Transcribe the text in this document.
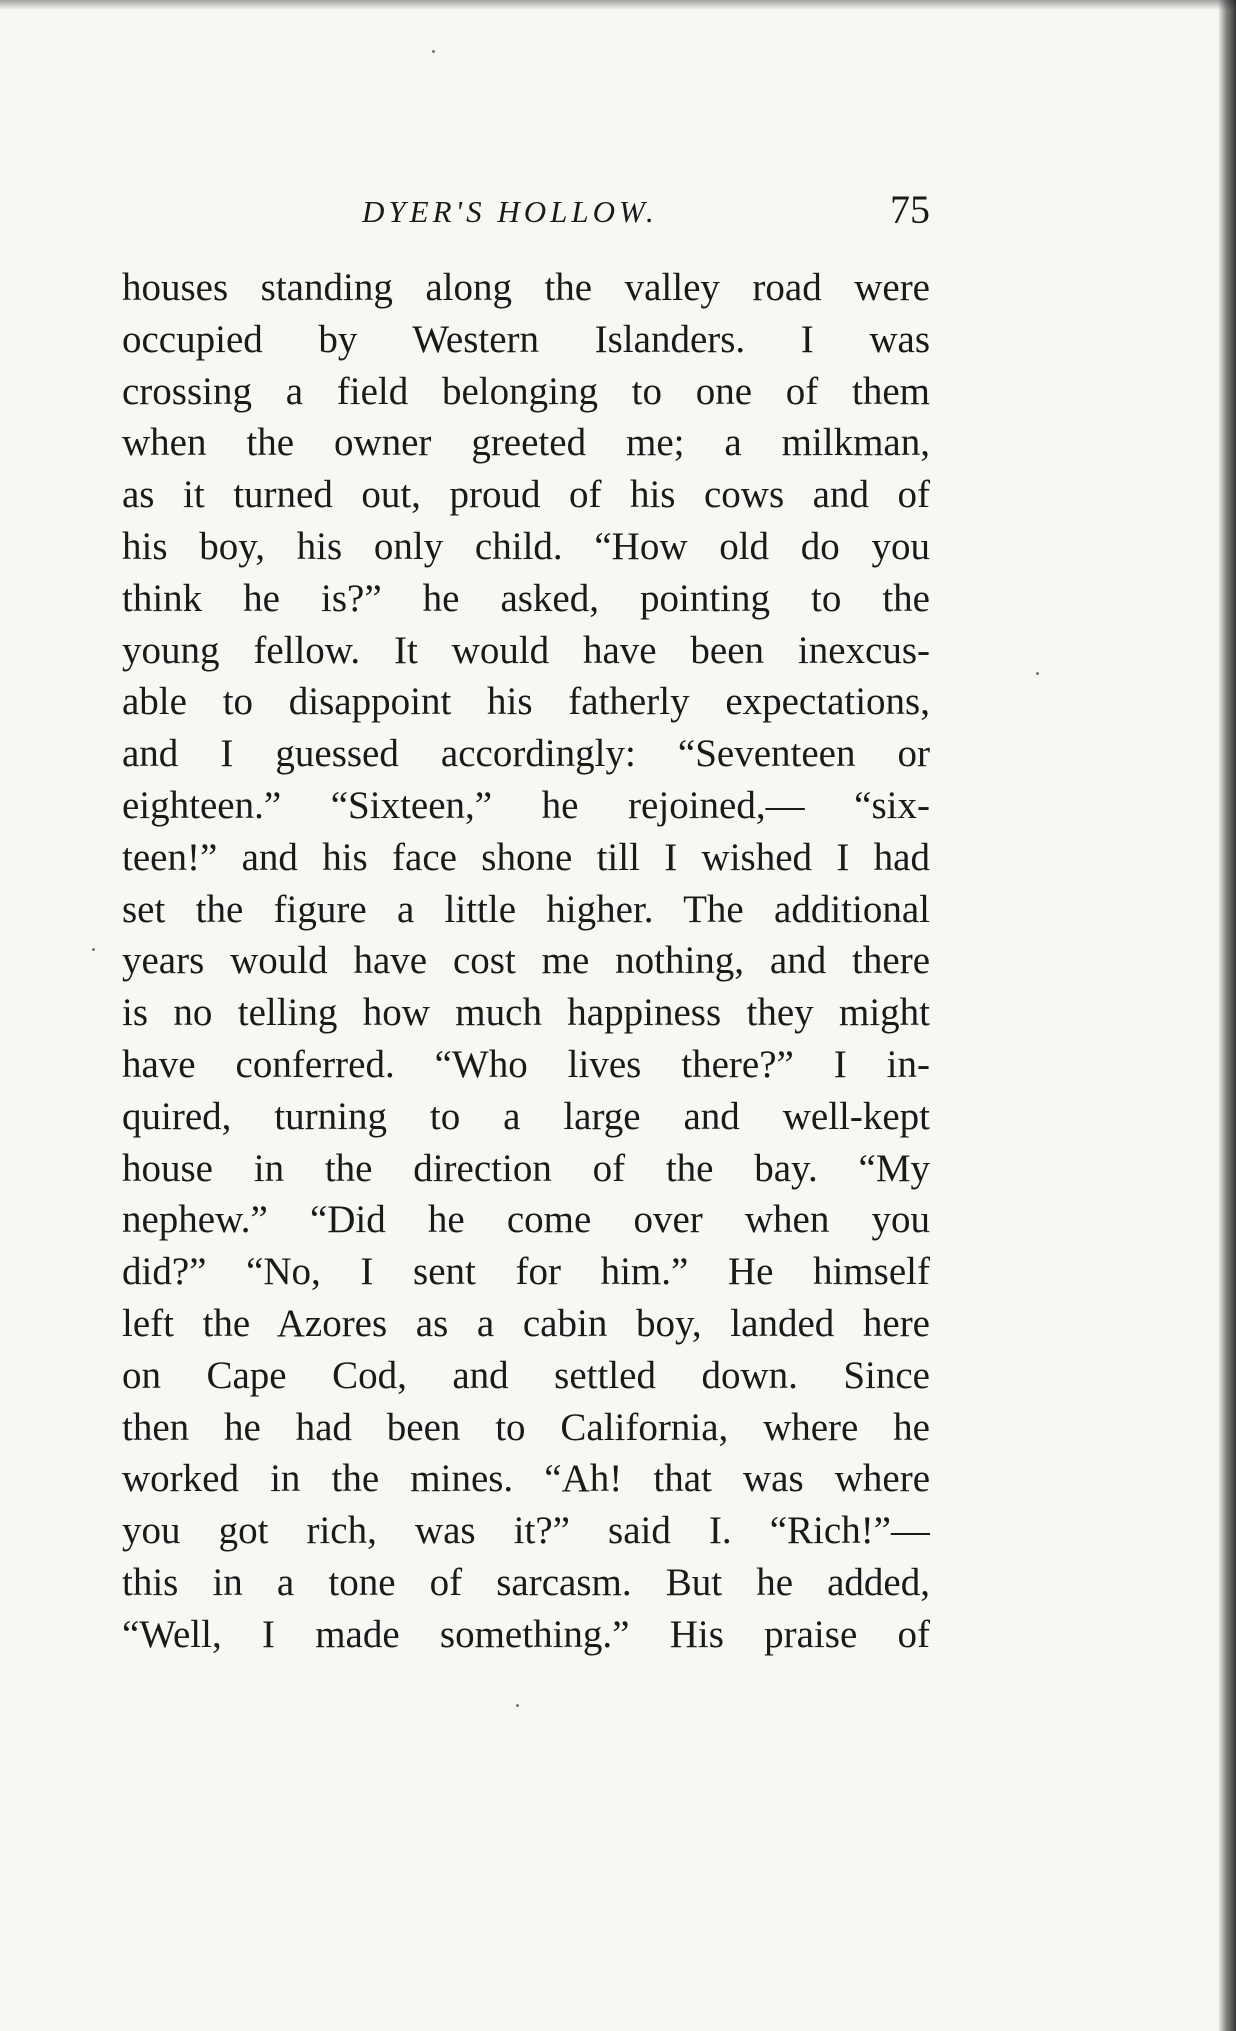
DYER'S HOLLOW.	75
houses standing along the valley road were
occupied by Western Islanders. I was
crossing a field belonging to one of them
when the owner greeted me; a milkman,
as it turned out, proud of his cows and of
his boy, his only child. “How old do you
think he is?” he asked, pointing to the
young fellow. It would have been inexcus-
able to disappoint his fatherly expectations,
and I guessed accordingly: “Seventeen or
eighteen.” “Sixteen,” he rejoined,— “six-
teen!” and his face shone till I wished I had
set the figure a little higher. The additional
years would have cost me nothing, and there
is no telling how much happiness they might
have conferred. “Who lives there?” I in-
quired, turning to a large and well-kept
house in the direction of the bay. “My
nephew.” “Did he come over when you
did?” “No, I sent for him.” He himself
left the Azores as a cabin boy, landed here
on Cape Cod, and settled down. Since
then he had been to California, where he
worked in the mines. “Ah! that was where
you got rich, was it?” said I. “Rich!”—
this in a tone of sarcasm. But he added,
“Well, I made something.” His praise of
